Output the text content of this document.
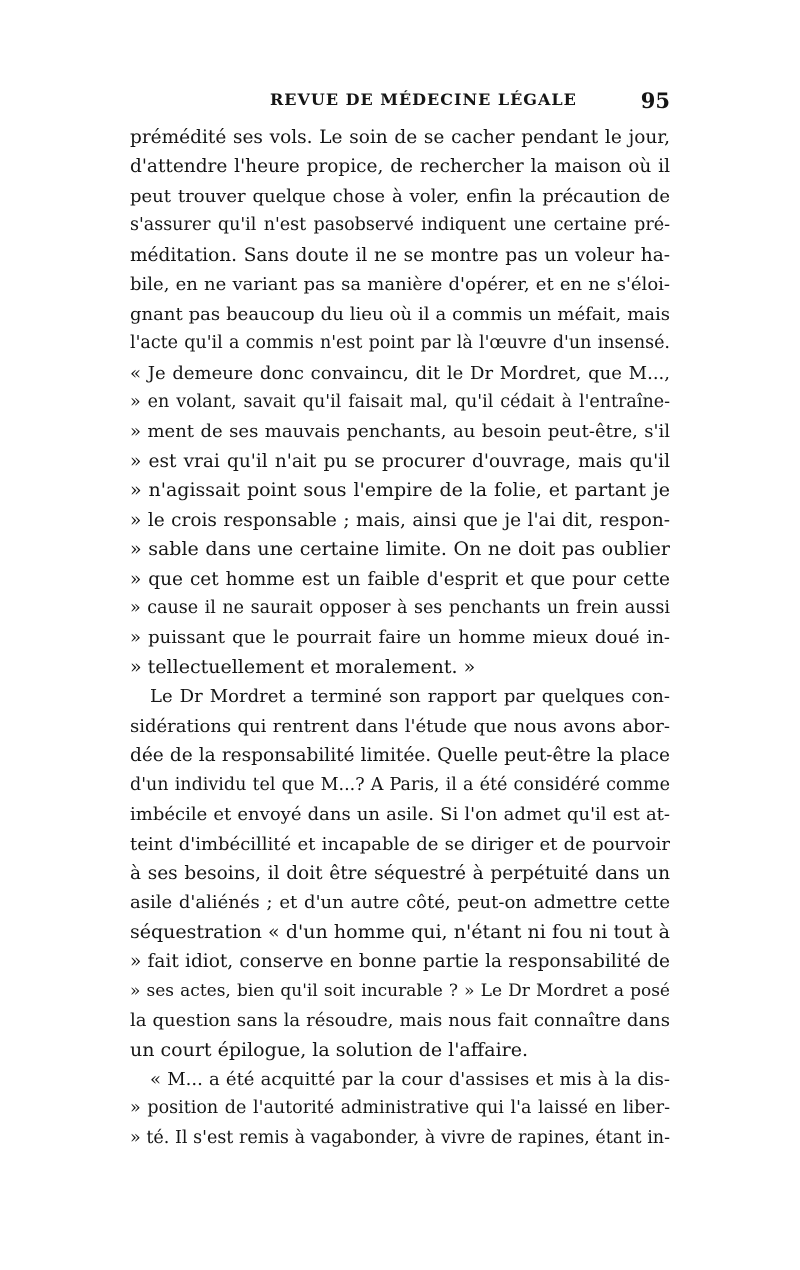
REVUE DE MÉDECINE LÉGALE	95
prémédité ses vols. Le soin de se cacher pendant le jour,
d'attendre l'heure propice, de rechercher la maison où il
peut trouver quelque chose à voler, enfin la précaution de
s'assurer qu'il n'est pasobservé indiquent une certaine pré-
méditation. Sans doute il ne se montre pas un voleur ha-
bile, en ne variant pas sa manière d'opérer, et en ne s'éloi-
gnant pas beaucoup du lieu où il a commis un méfait, mais
l'acte qu'il a commis n'est point par là l'œuvre d'un insensé.
« Je demeure donc convaincu, dit le Dr Mordret, que M...,
» en volant, savait qu'il faisait mal, qu'il cédait à l'entraîne-
» ment de ses mauvais penchants, au besoin peut-être, s'il
» est vrai qu'il n'ait pu se procurer d'ouvrage, mais qu'il
» n'agissait point sous l'empire de la folie, et partant je
» le crois responsable ; mais, ainsi que je l'ai dit, respon-
» sable dans une certaine limite. On ne doit pas oublier
» que cet homme est un faible d'esprit et que pour cette
» cause il ne saurait opposer à ses penchants un frein aussi
» puissant que le pourrait faire un homme mieux doué in-
» tellectuellement et moralement. »
Le Dr Mordret a terminé son rapport par quelques con-
sidérations qui rentrent dans l'étude que nous avons abor-
dée de la responsabilité limitée. Quelle peut-être la place
d'un individu tel que M...? A Paris, il a été considéré comme
imbécile et envoyé dans un asile. Si l'on admet qu'il est at-
teint d'imbécillité et incapable de se diriger et de pourvoir
à ses besoins, il doit être séquestré à perpétuité dans un
asile d'aliénés ; et d'un autre côté, peut-on admettre cette
séquestration « d'un homme qui, n'étant ni fou ni tout à
» fait idiot, conserve en bonne partie la responsabilité de
» ses actes, bien qu'il soit incurable ? » Le Dr Mordret a posé
la question sans la résoudre, mais nous fait connaître dans
un court épilogue, la solution de l'affaire.
« M... a été acquitté par la cour d'assises et mis à la dis-
» position de l'autorité administrative qui l'a laissé en liber-
» té. Il s'est remis à vagabonder, à vivre de rapines, étant in-
